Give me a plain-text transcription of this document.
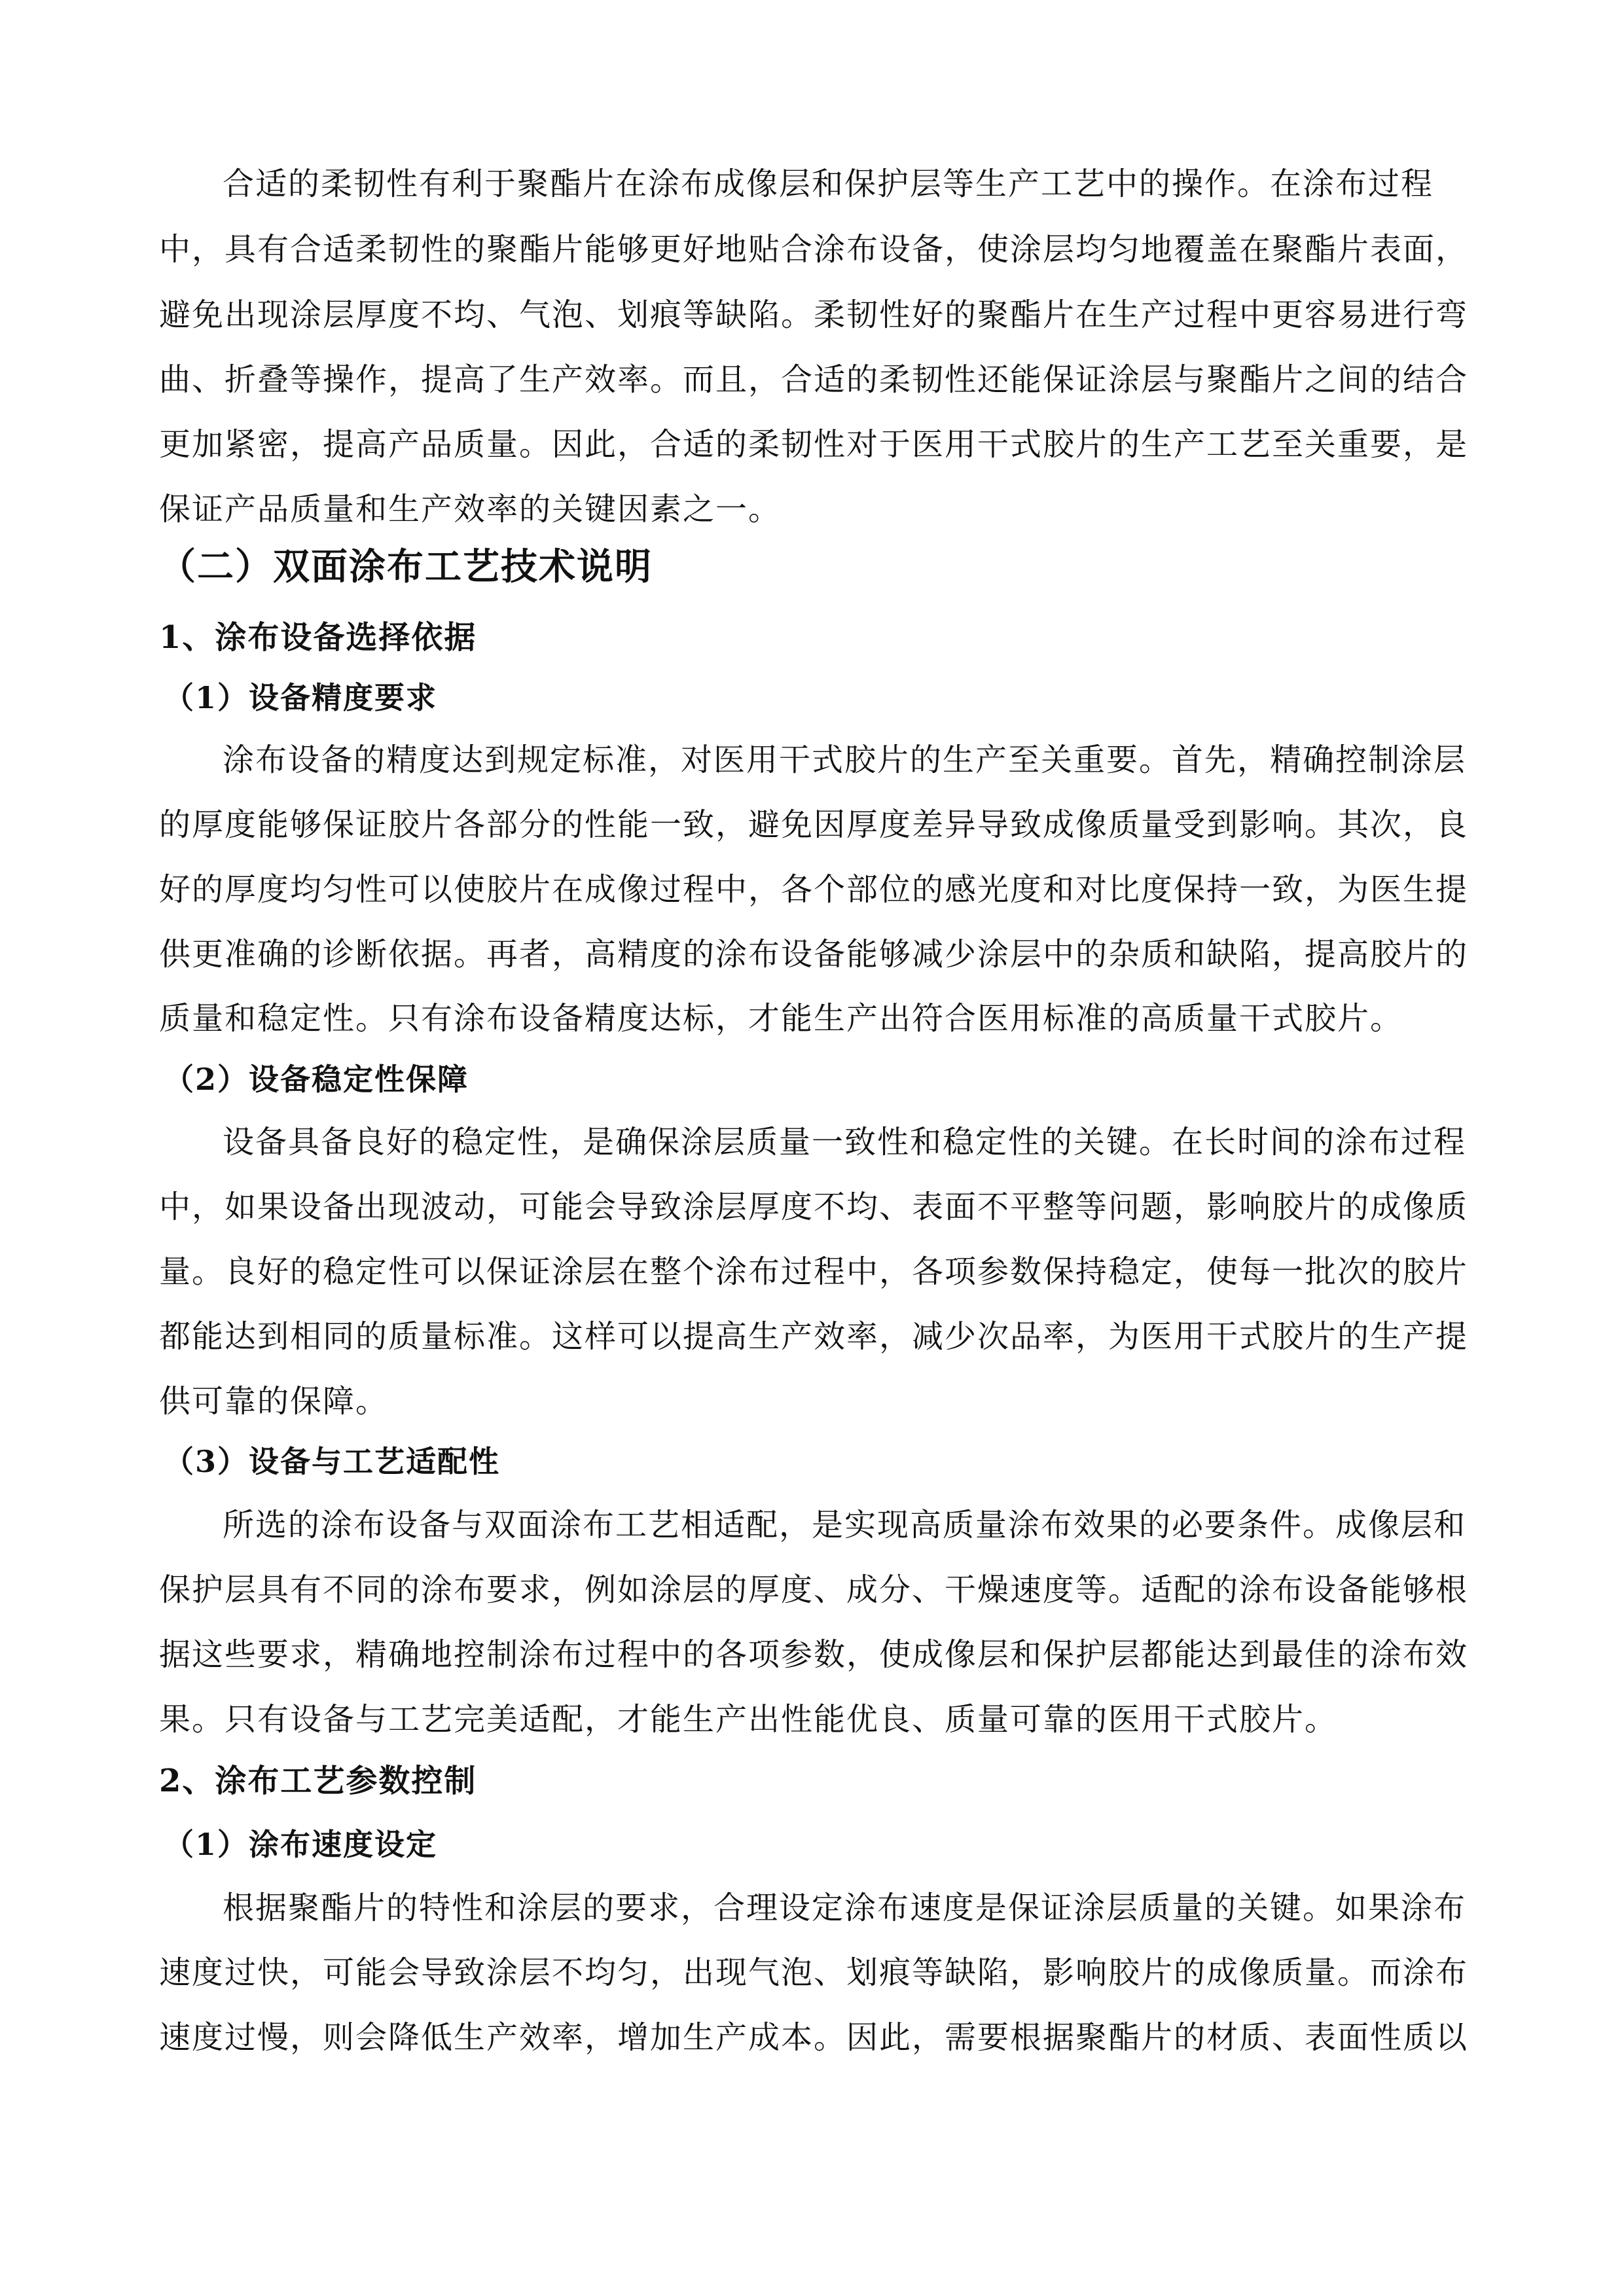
合适的柔韧性有利于聚酯片在涂布成像层和保护层等生产工艺中的操作。在涂布过程
中，具有合适柔韧性的聚酯片能够更好地贴合涂布设备，使涂层均匀地覆盖在聚酯片表面，
避免出现涂层厚度不均、气泡、划痕等缺陷。柔韧性好的聚酯片在生产过程中更容易进行弯
曲、折叠等操作，提高了生产效率。而且，合适的柔韧性还能保证涂层与聚酯片之间的结合
更加紧密，提高产品质量。因此，合适的柔韧性对于医用干式胶片的生产工艺至关重要，是
保证产品质量和生产效率的关键因素之一。
（二）双面涂布工艺技术说明
1、涂布设备选择依据
（1）设备精度要求
涂布设备的精度达到规定标准，对医用干式胶片的生产至关重要。首先，精确控制涂层
的厚度能够保证胶片各部分的性能一致，避免因厚度差异导致成像质量受到影响。其次，良
好的厚度均匀性可以使胶片在成像过程中，各个部位的感光度和对比度保持一致，为医生提
供更准确的诊断依据。再者，高精度的涂布设备能够减少涂层中的杂质和缺陷，提高胶片的
质量和稳定性。只有涂布设备精度达标，才能生产出符合医用标准的高质量干式胶片。
（2）设备稳定性保障
设备具备良好的稳定性，是确保涂层质量一致性和稳定性的关键。在长时间的涂布过程
中，如果设备出现波动，可能会导致涂层厚度不均、表面不平整等问题，影响胶片的成像质
量。良好的稳定性可以保证涂层在整个涂布过程中，各项参数保持稳定，使每一批次的胶片
都能达到相同的质量标准。这样可以提高生产效率，减少次品率，为医用干式胶片的生产提
供可靠的保障。
（3）设备与工艺适配性
所选的涂布设备与双面涂布工艺相适配，是实现高质量涂布效果的必要条件。成像层和
保护层具有不同的涂布要求，例如涂层的厚度、成分、干燥速度等。适配的涂布设备能够根
据这些要求，精确地控制涂布过程中的各项参数，使成像层和保护层都能达到最佳的涂布效
果。只有设备与工艺完美适配，才能生产出性能优良、质量可靠的医用干式胶片。
2、涂布工艺参数控制
（1）涂布速度设定
根据聚酯片的特性和涂层的要求，合理设定涂布速度是保证涂层质量的关键。如果涂布
速度过快，可能会导致涂层不均匀，出现气泡、划痕等缺陷，影响胶片的成像质量。而涂布
速度过慢，则会降低生产效率，增加生产成本。因此，需要根据聚酯片的材质、表面性质以
